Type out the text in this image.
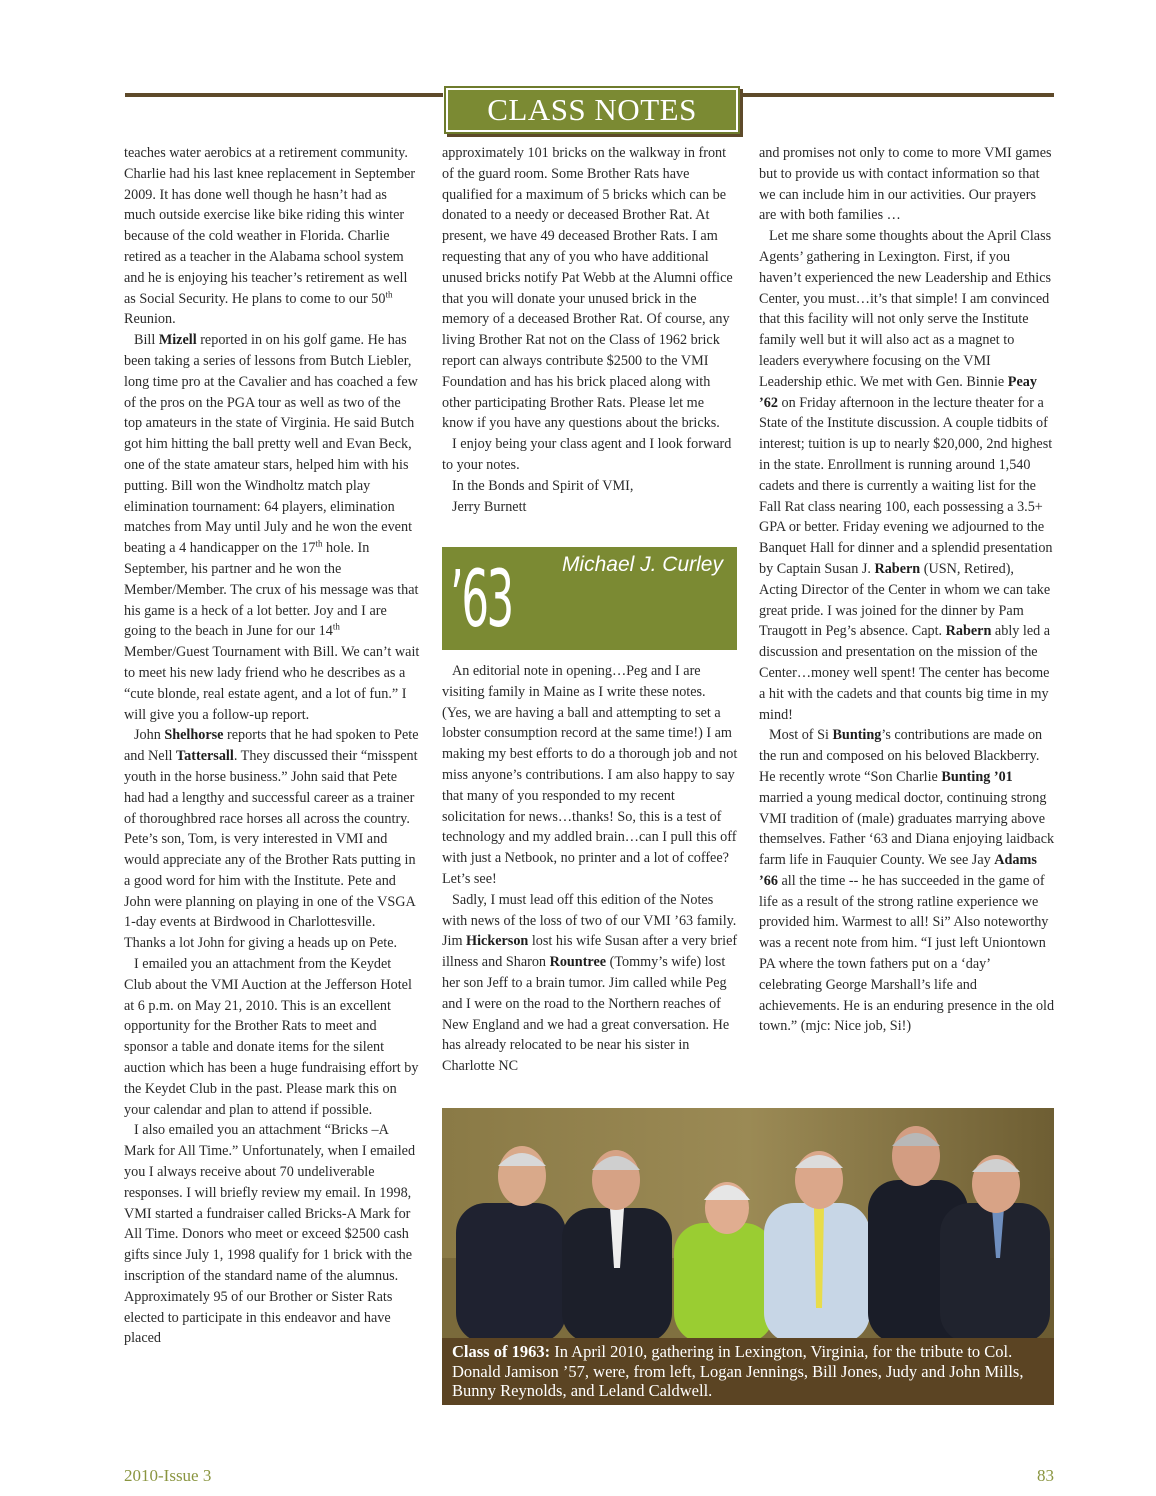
CLASS NOTES

teaches water aerobics at a retirement community. Charlie had his last knee replacement in September 2009. It has done well though he hasn’t had as much outside exercise like bike riding this winter because of the cold weather in Florida. Charlie retired as a teacher in the Alabama school system and he is enjoying his teacher’s retirement as well as Social Security. He plans to come to our 50th Reunion.

Bill Mizell reported in on his golf game. He has been taking a series of lessons from Butch Liebler, long time pro at the Cavalier and has coached a few of the pros on the PGA tour as well as two of the top amateurs in the state of Virginia. He said Butch got him hitting the ball pretty well and Evan Beck, one of the state amateur stars, helped him with his putting. Bill won the Windholtz match play elimination tournament: 64 players, elimination matches from May until July and he won the event beating a 4 handicapper on the 17th hole. In September, his partner and he won the Member/Member. The crux of his message was that his game is a heck of a lot better. Joy and I are going to the beach in June for our 14th Member/Guest Tournament with Bill. We can’t wait to meet his new lady friend who he describes as a “cute blonde, real estate agent, and a lot of fun.” I will give you a follow-up report.

John Shelhorse reports that he had spoken to Pete and Nell Tattersall. They discussed their “misspent youth in the horse business.” John said that Pete had had a lengthy and successful career as a trainer of thoroughbred race horses all across the country. Pete’s son, Tom, is very interested in VMI and would appreciate any of the Brother Rats putting in a good word for him with the Institute. Pete and John were planning on playing in one of the VSGA 1-day events at Birdwood in Charlottesville. Thanks a lot John for giving a heads up on Pete.

I emailed you an attachment from the Keydet Club about the VMI Auction at the Jefferson Hotel at 6 p.m. on May 21, 2010. This is an excellent opportunity for the Brother Rats to meet and sponsor a table and donate items for the silent auction which has been a huge fundraising effort by the Keydet Club in the past. Please mark this on your calendar and plan to attend if possible.

I also emailed you an attachment “Bricks –A Mark for All Time.” Unfortunately, when I emailed you I always receive about 70 undeliverable responses. I will briefly review my email. In 1998, VMI started a fundraiser called Bricks-A Mark for All Time. Donors who meet or exceed $2500 cash gifts since July 1, 1998 qualify for 1 brick with the inscription of the standard name of the alumnus. Approximately 95 of our Brother or Sister Rats elected to participate in this endeavor and have placed

approximately 101 bricks on the walkway in front of the guard room. Some Brother Rats have qualified for a maximum of 5 bricks which can be donated to a needy or deceased Brother Rat. At present, we have 49 deceased Brother Rats. I am requesting that any of you who have additional unused bricks notify Pat Webb at the Alumni office that you will donate your unused brick in the memory of a deceased Brother Rat. Of course, any living Brother Rat not on the Class of 1962 brick report can always contribute $2500 to the VMI Foundation and has his brick placed along with other participating Brother Rats. Please let me know if you have any questions about the bricks.

I enjoy being your class agent and I look forward to your notes.

In the Bonds and Spirit of VMI,

Jerry Burnett

’63 Michael J. Curley

An editorial note in opening…Peg and I are visiting family in Maine as I write these notes. (Yes, we are having a ball and attempting to set a lobster consumption record at the same time!) I am making my best efforts to do a thorough job and not miss anyone’s contributions. I am also happy to say that many of you responded to my recent solicitation for news…thanks! So, this is a test of technology and my addled brain…can I pull this off with just a Netbook, no printer and a lot of coffee? Let’s see!

Sadly, I must lead off this edition of the Notes with news of the loss of two of our VMI ’63 family. Jim Hickerson lost his wife Susan after a very brief illness and Sharon Rountree (Tommy’s wife) lost her son Jeff to a brain tumor. Jim called while Peg and I were on the road to the Northern reaches of New England and we had a great conversation. He has already relocated to be near his sister in Charlotte NC

and promises not only to come to more VMI games but to provide us with contact information so that we can include him in our activities. Our prayers are with both families …

Let me share some thoughts about the April Class Agents’ gathering in Lexington. First, if you haven’t experienced the new Leadership and Ethics Center, you must…it’s that simple! I am convinced that this facility will not only serve the Institute family well but it will also act as a magnet to leaders everywhere focusing on the VMI Leadership ethic. We met with Gen. Binnie Peay ’62 on Friday afternoon in the lecture theater for a State of the Institute discussion. A couple tidbits of interest; tuition is up to nearly $20,000, 2nd highest in the state. Enrollment is running around 1,540 cadets and there is currently a waiting list for the Fall Rat class nearing 100, each possessing a 3.5+ GPA or better. Friday evening we adjourned to the Banquet Hall for dinner and a splendid presentation by Captain Susan J. Rabern (USN, Retired), Acting Director of the Center in whom we can take great pride. I was joined for the dinner by Pam Traugott in Peg’s absence. Capt. Rabern ably led a discussion and presentation on the mission of the Center…money well spent! The center has become a hit with the cadets and that counts big time in my mind!

Most of Si Bunting’s contributions are made on the run and composed on his beloved Blackberry. He recently wrote “Son Charlie Bunting ’01 married a young medical doctor, continuing strong VMI tradition of (male) graduates marrying above themselves. Father ‘63 and Diana enjoying laidback farm life in Fauquier County. We see Jay Adams ’66 all the time -- he has succeeded in the game of life as a result of the strong ratline experience we provided him. Warmest to all! Si” Also noteworthy was a recent note from him. “I just left Uniontown PA where the town fathers put on a ‘day’ celebrating George Marshall’s life and achievements. He is an enduring presence in the old town.” (mjc: Nice job, Si!)

Class of 1963: In April 2010, gathering in Lexington, Virginia, for the tribute to Col. Donald Jamison ’57, were, from left, Logan Jennings, Bill Jones, Judy and John Mills, Bunny Reynolds, and Leland Caldwell.
2010-Issue 3	83
